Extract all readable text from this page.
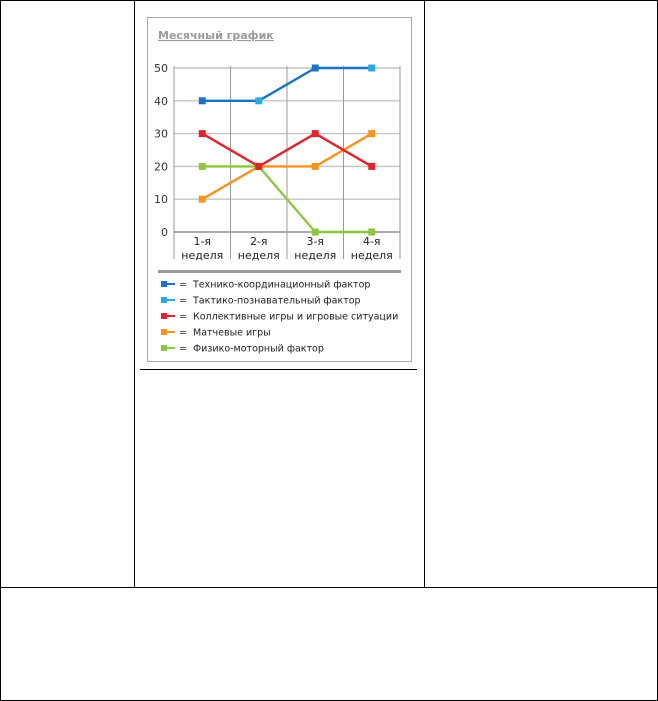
Месячный график
0
10
20
30
40
50
1-я
неделя
2-я
неделя
3-я
неделя
4-я
неделя
= Технико-координационный фактор
= Тактико-познавательный фактор
= Коллективные игры и игровые ситуации
= Матчевые игры
= Физико-моторный фактор
